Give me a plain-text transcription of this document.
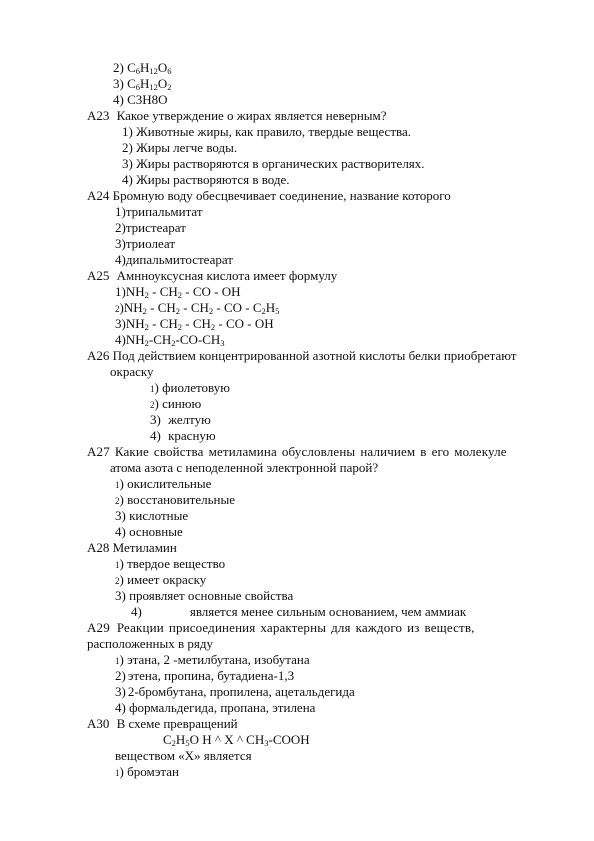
2) $C_6H_{12}O_6$
3) $C_6H_{12}O_2$
4) C3H8O
А23 Какое утверждение о жирах является неверным?
1) Животные жиры, как правило, твердые вещества.
2) Жиры легче воды.
3) Жиры растворяются в органических растворителях.
4) Жиры растворяются в воде.
А24 Бромную воду обесцвечивает соединение, название которого
1)трипальмитат
2)тристеарат
3)триолеат
4)дипальмитостеарат
А25 Амнноуксусная кислота имеет формулу
$1)NH_2 - CH_2$ - CO - OH
$2)NH_2 - CH_2 - CH_2$ - CO - $C_2H_5$
$3)NH_2 - CH_2 - CH_2$ - CO - OH
$4)NH_2-CH_2-CO-CH_3$
А26 Под действием концентрированной азотной кислоты белки приобретают
окраску
1) фиолетовую
2) синюю
3) желтую
4) красную
А27 Какие свойства метиламина обусловлены наличием в его молекуле
атома азота с неподеленной электронной парой?
1) окислительные
2) восстановительные
3) кислотные
4) основные
А28 Метиламин
1) твердое вещество
2) имеет окраску
3) проявляет основные свойства
4)	является менее сильным основанием, чем аммиак
А29 Реакции присоединения характерны для каждого из веществ,
расположенных в ряду
1) этана, 2 -метилбутана, изобутана
2) этена, пропина, бутадиена-1,3
3) 2-бромбутана, пропилена, ацетальдегида
4) формальдегида, пропана, этилена
А30 В схеме превращений
$C_2H_5O$ H ^ X ^ $CH_3$-COOH
веществом «X» является
1) бромэтан
